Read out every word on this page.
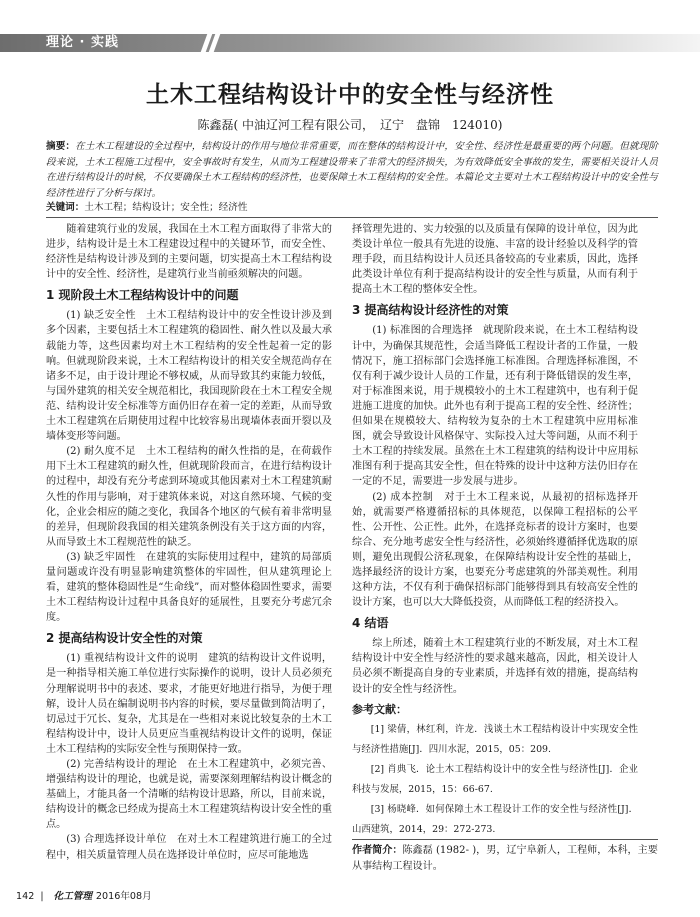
理论 · 实践
土木工程结构设计中的安全性与经济性
陈鑫磊( 中油辽河工程有限公司，　辽宁　盘锦　124010)
摘要：在土木工程建设的全过程中，结构设计的作用与地位非常重要，而在整体的结构设计中，安全性、经济性是最重要的两个问题。但就现阶段来说，土木工程施工过程中，安全事故时有发生，从而为工程建设带来了非常大的经济损失，为有效降低安全事故的发生，需要相关设计人员在进行结构设计的时候，不仅要确保土木工程结构的经济性，也要保障土木工程结构的安全性。本篇论文主要对土木工程结构设计中的安全性与经济性进行了分析与探讨。
关键词：土木工程；结构设计；安全性；经济性

随着建筑行业的发展，我国在土木工程方面取得了非常大的进步，结构设计是土木工程建设过程中的关键环节，而安全性、经济性是结构设计涉及到的主要问题，切实提高土木工程结构设计中的安全性、经济性，是建筑行业当前亟须解决的问题。

1 现阶段土木工程结构设计中的问题

(1) 缺乏安全性　土木工程结构设计中的安全性设计涉及到多个因素，主要包括土木工程建筑的稳固性、耐久性以及最大承载能力等，这些因素均对土木工程结构的安全性起着一定的影响。但就现阶段来说，土木工程结构设计的相关安全规范尚存在诸多不足，由于设计理论不够权威，从而导致其约束能力较低，与国外建筑的相关安全规范相比，我国现阶段在土木工程安全规范、结构设计安全标准等方面仍旧存在着一定的差距，从而导致土木工程建筑在后期使用过程中比较容易出现墙体表面开裂以及墙体变形等问题。

(2) 耐久度不足　土木工程结构的耐久性指的是，在荷载作用下土木工程建筑的耐久性，但就现阶段而言，在进行结构设计的过程中，却没有充分考虑到环境或其他因素对土木工程建筑耐久性的作用与影响，对于建筑体来说，对这自然环境、气候的变化，企业会相应的随之变化，我国各个地区的气候有着非常明显的差异，但现阶段我国的相关建筑条例没有关于这方面的内容，从而导致土木工程规范性的缺乏。

(3) 缺乏牢固性　在建筑的实际使用过程中，建筑的局部质量问题或许没有明显影响建筑整体的牢固性，但从建筑理论上看，建筑的整体稳固性是“生命线”，而对整体稳固性要求，需要土木工程结构设计过程中具备良好的延展性，且要充分考虑冗余度。

2 提高结构设计安全性的对策

(1) 重视结构设计文件的说明　建筑的结构设计文件说明，是一种指导相关施工单位进行实际操作的说明，设计人员必须充分理解说明书中的表述、要求，才能更好地进行指导，为便于理解，设计人员在编制说明书内容的时候，要尽量做到简洁明了，切忌过于冗长、复杂，尤其是在一些相对来说比较复杂的土木工程结构设计中，设计人员更应当重视结构设计文件的说明，保证土木工程结构的实际安全性与预期保持一致。

(2) 完善结构设计的理论　在土木工程建筑中，必须完善、增强结构设计的理论，也就是说，需要深刻理解结构设计概念的基础上，才能具备一个清晰的结构设计思路，所以，目前来说，结构设计的概念已经成为提高土木工程建筑结构设计安全性的重点。

(3) 合理选择设计单位　在对土木工程建筑进行施工的全过程中，相关质量管理人员在选择设计单位时，应尽可能地选

择管理先进的、实力较强的以及质量有保障的设计单位，因为此类设计单位一般具有先进的设施、丰富的设计经验以及科学的管理手段，而且结构设计人员还具备较高的专业素质，因此，选择此类设计单位有利于提高结构设计的安全性与质量，从而有利于提高土木工程的整体安全性。

3 提高结构设计经济性的对策

(1) 标准图的合理选择　就现阶段来说，在土木工程结构设计中，为确保其规范性，会适当降低工程设计者的工作量，一般情况下，施工招标部门会选择施工标准图。合理选择标准图，不仅有利于减少设计人员的工作量，还有利于降低错误的发生率，对于标准图来说，用于规模较小的土木工程建筑中，也有利于促进施工进度的加快。此外也有利于提高工程的安全性、经济性；但如果在规模较大、结构较为复杂的土木工程建筑中应用标准图，就会导致设计风格保守、实际投入过大等问题，从而不利于土木工程的持续发展。虽然在土木工程建筑的结构设计中应用标准图有利于提高其安全性，但在特殊的设计中这种方法仍旧存在一定的不足，需要进一步发展与进步。

(2) 成本控制　对于土木工程来说，从最初的招标选择开始，就需要严格遵循招标的具体规范，以保障工程招标的公平性、公开性、公正性。此外，在选择竞标者的设计方案时，也要综合、充分地考虑安全性与经济性，必须始终遵循择优选取的原则，避免出现假公济私现象，在保障结构设计安全性的基础上，选择最经济的设计方案，也要充分考虑建筑的外部美观性。利用这种方法，不仅有利于确保招标部门能够得到具有较高安全性的设计方案，也可以大大降低投资，从而降低工程的经济投入。

4 结语

综上所述，随着土木工程建筑行业的不断发展，对土木工程结构设计中安全性与经济性的要求越来越高，因此，相关设计人员必须不断提高自身的专业素质，并选择有效的措施，提高结构设计的安全性与经济性。

参考文献：

[1] 梁倩，林红利，许龙．浅谈土木工程结构设计中实现安全性与经济性措施[J]．四川水泥，2015，05：209.

[2] 肖典飞．论土木工程结构设计中的安全性与经济性[J]．企业科技与发展，2015，15：66-67.

[3] 杨晓峰．如何保障土木工程设计工作的安全性与经济性[J]．山西建筑，2014，29：272-273.

作者简介：陈鑫磊 (1982- )，男，辽宁阜新人，工程师，本科，主要从事结构工程设计。
142 | 化工管理 2016年08月
